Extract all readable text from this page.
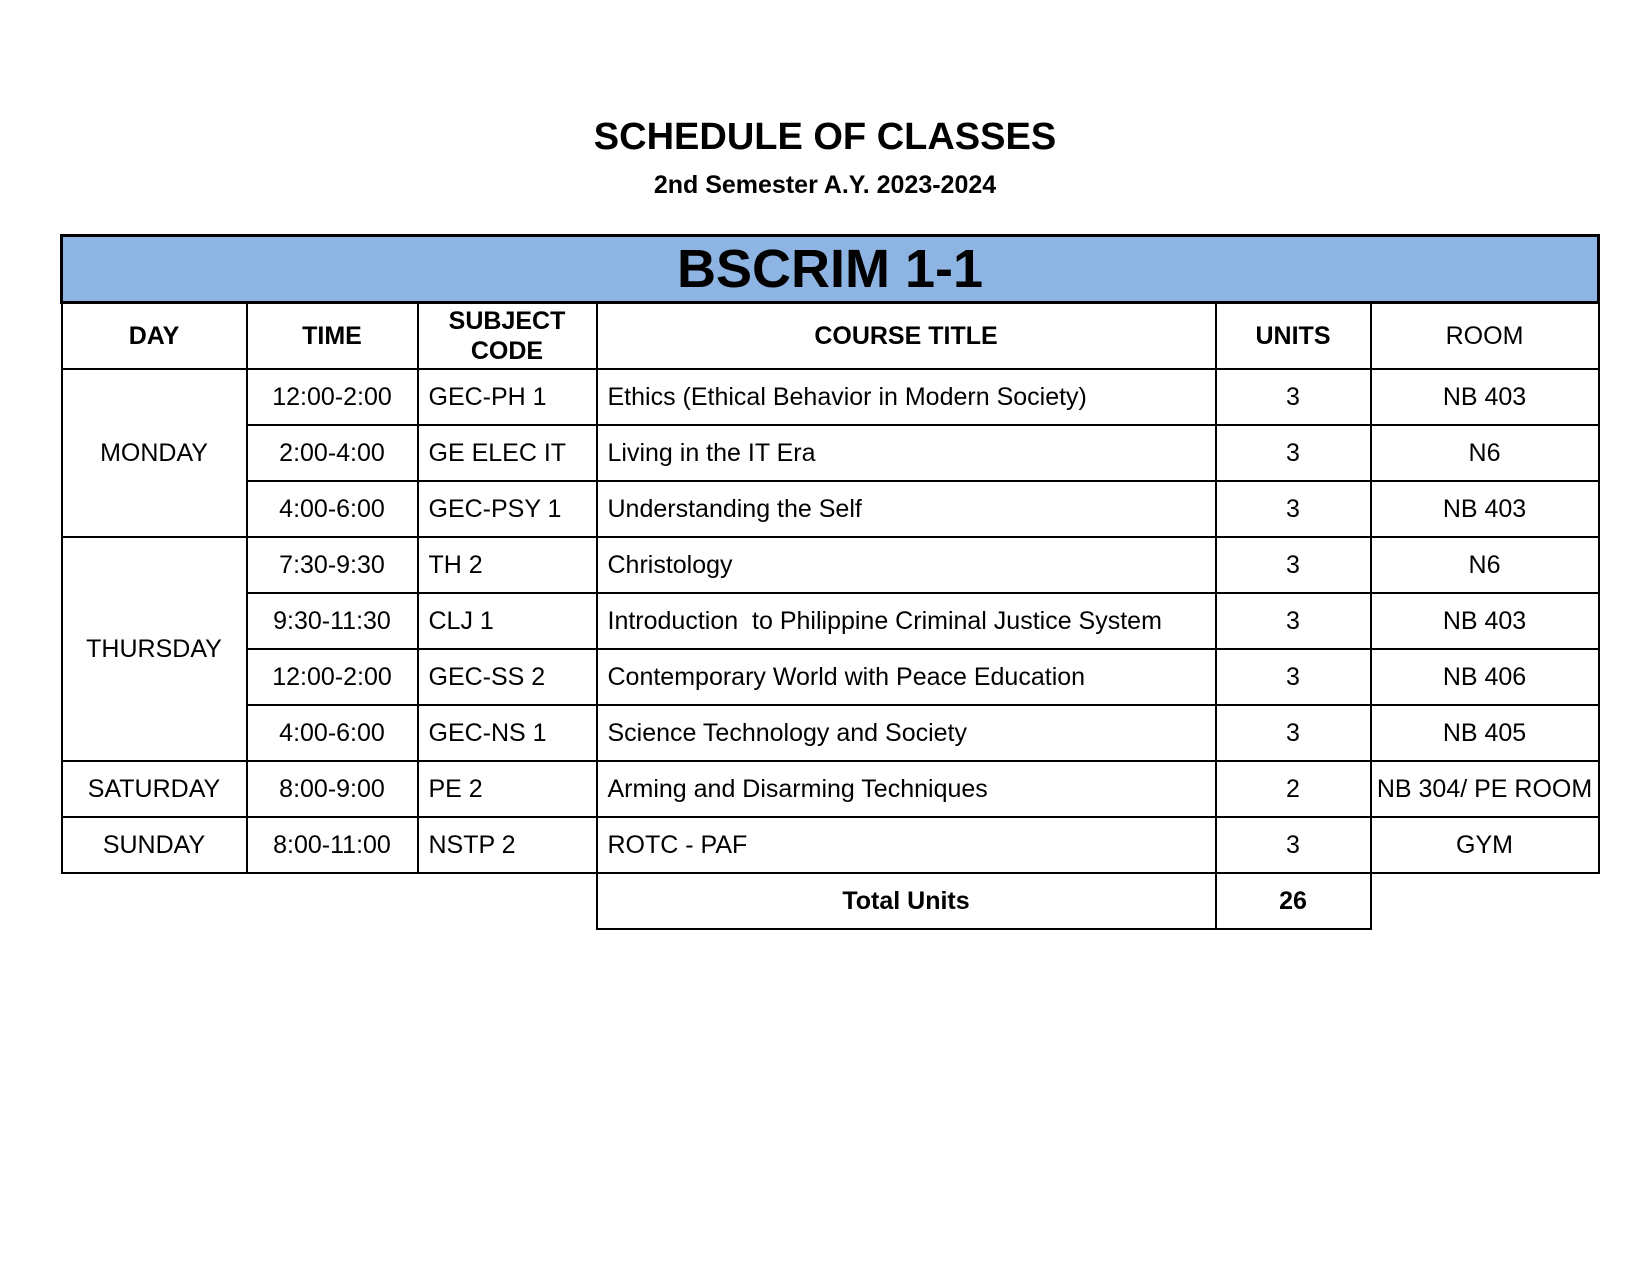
SCHEDULE OF CLASSES
2nd Semester A.Y. 2023-2024
BSCRIM 1-1					
DAY	TIME	SUBJECT CODE	COURSE TITLE	UNITS	ROOM
MONDAY	12:00-2:00	GEC-PH 1	Ethics (Ethical Behavior in Modern Society)	3	NB 403
	2:00-4:00	GE ELEC IT	Living in the IT Era	3	N6
	4:00-6:00	GEC-PSY 1	Understanding the Self	3	NB 403
THURSDAY	7:30-9:30	TH 2	Christology	3	N6
	9:30-11:30	CLJ 1	Introduction  to Philippine Criminal Justice System	3	NB 403
	12:00-2:00	GEC-SS 2	Contemporary World with Peace Education	3	NB 406
	4:00-6:00	GEC-NS 1	Science Technology and Society	3	NB 405
SATURDAY	8:00-9:00	PE 2	Arming and Disarming Techniques	2	NB 304/ PE ROOM
SUNDAY	8:00-11:00	NSTP 2	ROTC - PAF	3	GYM
			Total Units	26	
